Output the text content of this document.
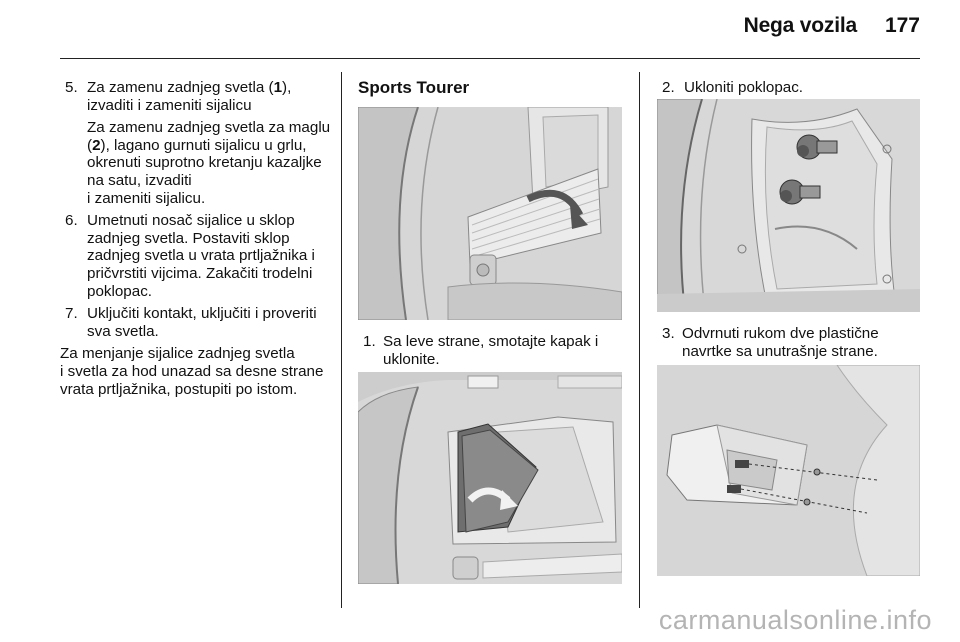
Nega vozila 177
5. Za zamenu zadnjeg svetla (1),
izvaditi i zameniti sijalicu
Za zamenu zadnjeg svetla za maglu (2), lagano gurnuti sijalicu u grlu, okrenuti suprotno kretanju kazaljke na satu, izvaditi
i zameniti sijalicu.
6. Umetnuti nosač sijalice u sklop zadnjeg svetla. Postaviti sklop zadnjeg svetla u vrata prtljažnika i pričvrstiti vijcima. Zakačiti trodelni poklopac.
7. Uključiti kontakt, uključiti i proveriti sva svetla.
Za menjanje sijalice zadnjeg svetla
i svetla za hod unazad sa desne strane vrata prtljažnika, postupiti po istom.
Sports Tourer
1. Sa leve strane, smotajte kapak i uklonite.
2. Ukloniti poklopac.
3. Odvrnuti rukom dve plastične navrtke sa unutrašnje strane.
carmanualsonline.info
